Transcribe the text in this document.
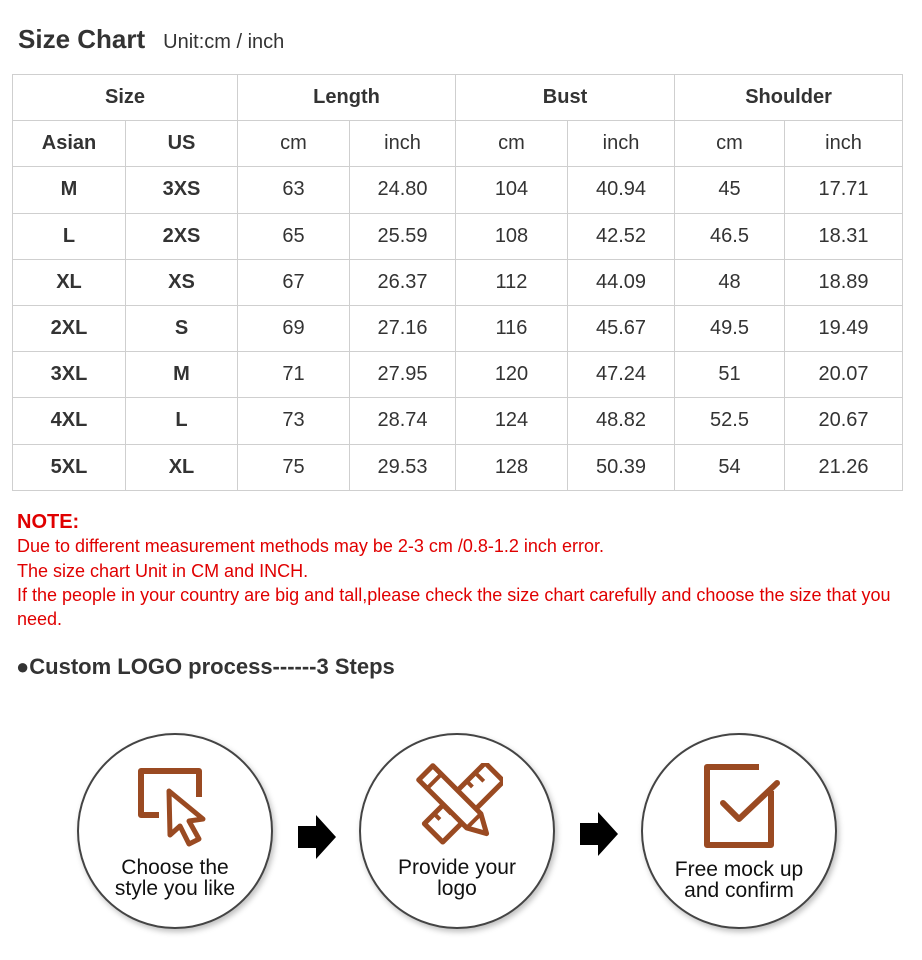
Size Chart Unit:cm / inch
Size		Length		Bust		Shoulder	
Asian	US	cm	inch	cm	inch	cm	inch
M	3XS	63	24.80	104	40.94	45	17.71
L	2XS	65	25.59	108	42.52	46.5	18.31
XL	XS	67	26.37	112	44.09	48	18.89
2XL	S	69	27.16	116	45.67	49.5	19.49
3XL	M	71	27.95	120	47.24	51	20.07
4XL	L	73	28.74	124	48.82	52.5	20.67
5XL	XL	75	29.53	128	50.39	54	21.26
NOTE:
Due to different measurement methods may be 2-3 cm /0.8-1.2 inch error.
The size chart Unit in CM and INCH.
If the people in your country are big and tall,please check the size chart carefully and choose the size that you need.
●Custom LOGO process------3 Steps
Choose the
style you like
Provide your
logo
Free mock up
and confirm
